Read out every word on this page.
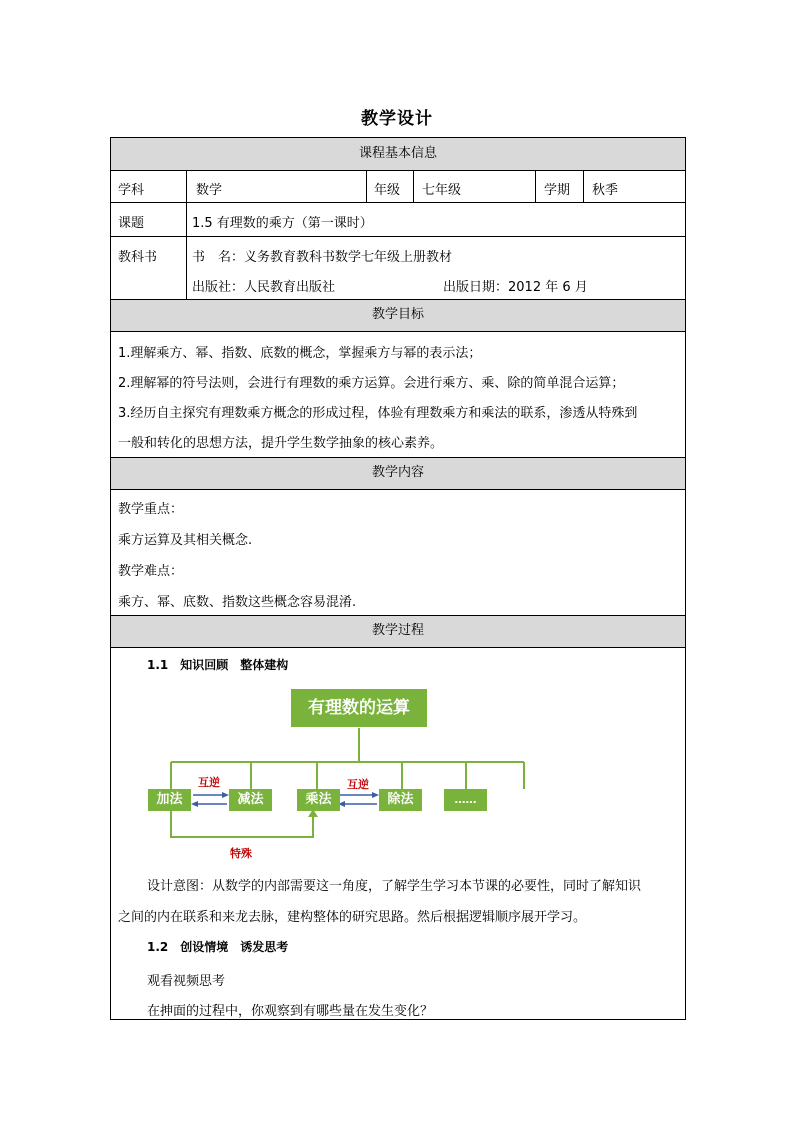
教学设计
课程基本信息
学科	数学	年级 七年级	学期 秋季
课题	1.5 有理数的乘方（第一课时）
教科书	书　名：义务教育教科书数学七年级上册教材
出版社：人民教育出版社	出版日期：2012 年 6 月
教学目标
1.理解乘方、幂、指数、底数的概念，掌握乘方与幂的表示法；
2.理解幂的符号法则，会进行有理数的乘方运算。会进行乘方、乘、除的简单混合运算；
3.经历自主探究有理数乘方概念的形成过程，体验有理数乘方和乘法的联系，渗透从特殊到
一般和转化的思想方法，提升学生数学抽象的核心素养。
教学内容
教学重点：
乘方运算及其相关概念.
教学难点：
乘方、幂、底数、指数这些概念容易混淆.
教学过程
1.1　知识回顾　整体建构
有理数的运算
加法	减法	乘法	除法	……
互逆	互逆
特殊
设计意图：从数学的内部需要这一角度，了解学生学习本节课的必要性，同时了解知识
之间的内在联系和来龙去脉，建构整体的研究思路。然后根据逻辑顺序展开学习。
1.2　创设情境　诱发思考
观看视频思考
在抻面的过程中，你观察到有哪些量在发生变化？
